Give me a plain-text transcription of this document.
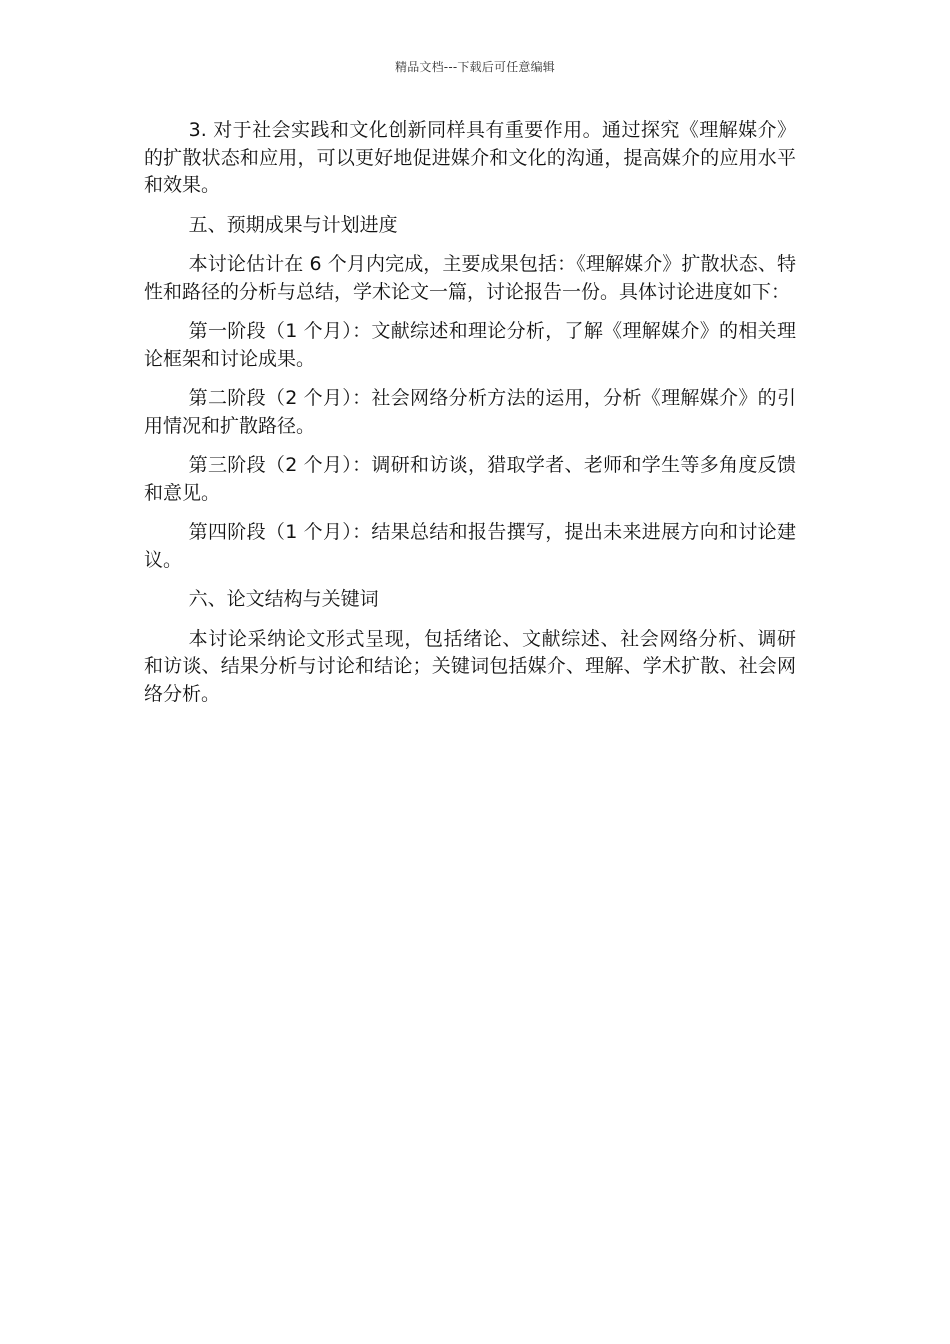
精品文档---下载后可任意编辑

3. 对于社会实践和文化创新同样具有重要作用。通过探究《理解媒介》的扩散状态和应用，可以更好地促进媒介和文化的沟通，提高媒介的应用水平和效果。

五、预期成果与计划进度

本讨论估计在 6 个月内完成，主要成果包括：《理解媒介》扩散状态、特性和路径的分析与总结，学术论文一篇，讨论报告一份。具体讨论进度如下：

第一阶段（1 个月）：文献综述和理论分析，了解《理解媒介》的相关理论框架和讨论成果。

第二阶段（2 个月）：社会网络分析方法的运用，分析《理解媒介》的引用情况和扩散路径。

第三阶段（2 个月）：调研和访谈，猎取学者、老师和学生等多角度反馈和意见。

第四阶段（1 个月）：结果总结和报告撰写，提出未来进展方向和讨论建议。

六、论文结构与关键词

本讨论采纳论文形式呈现，包括绪论、文献综述、社会网络分析、调研和访谈、结果分析与讨论和结论；关键词包括媒介、理解、学术扩散、社会网络分析。
